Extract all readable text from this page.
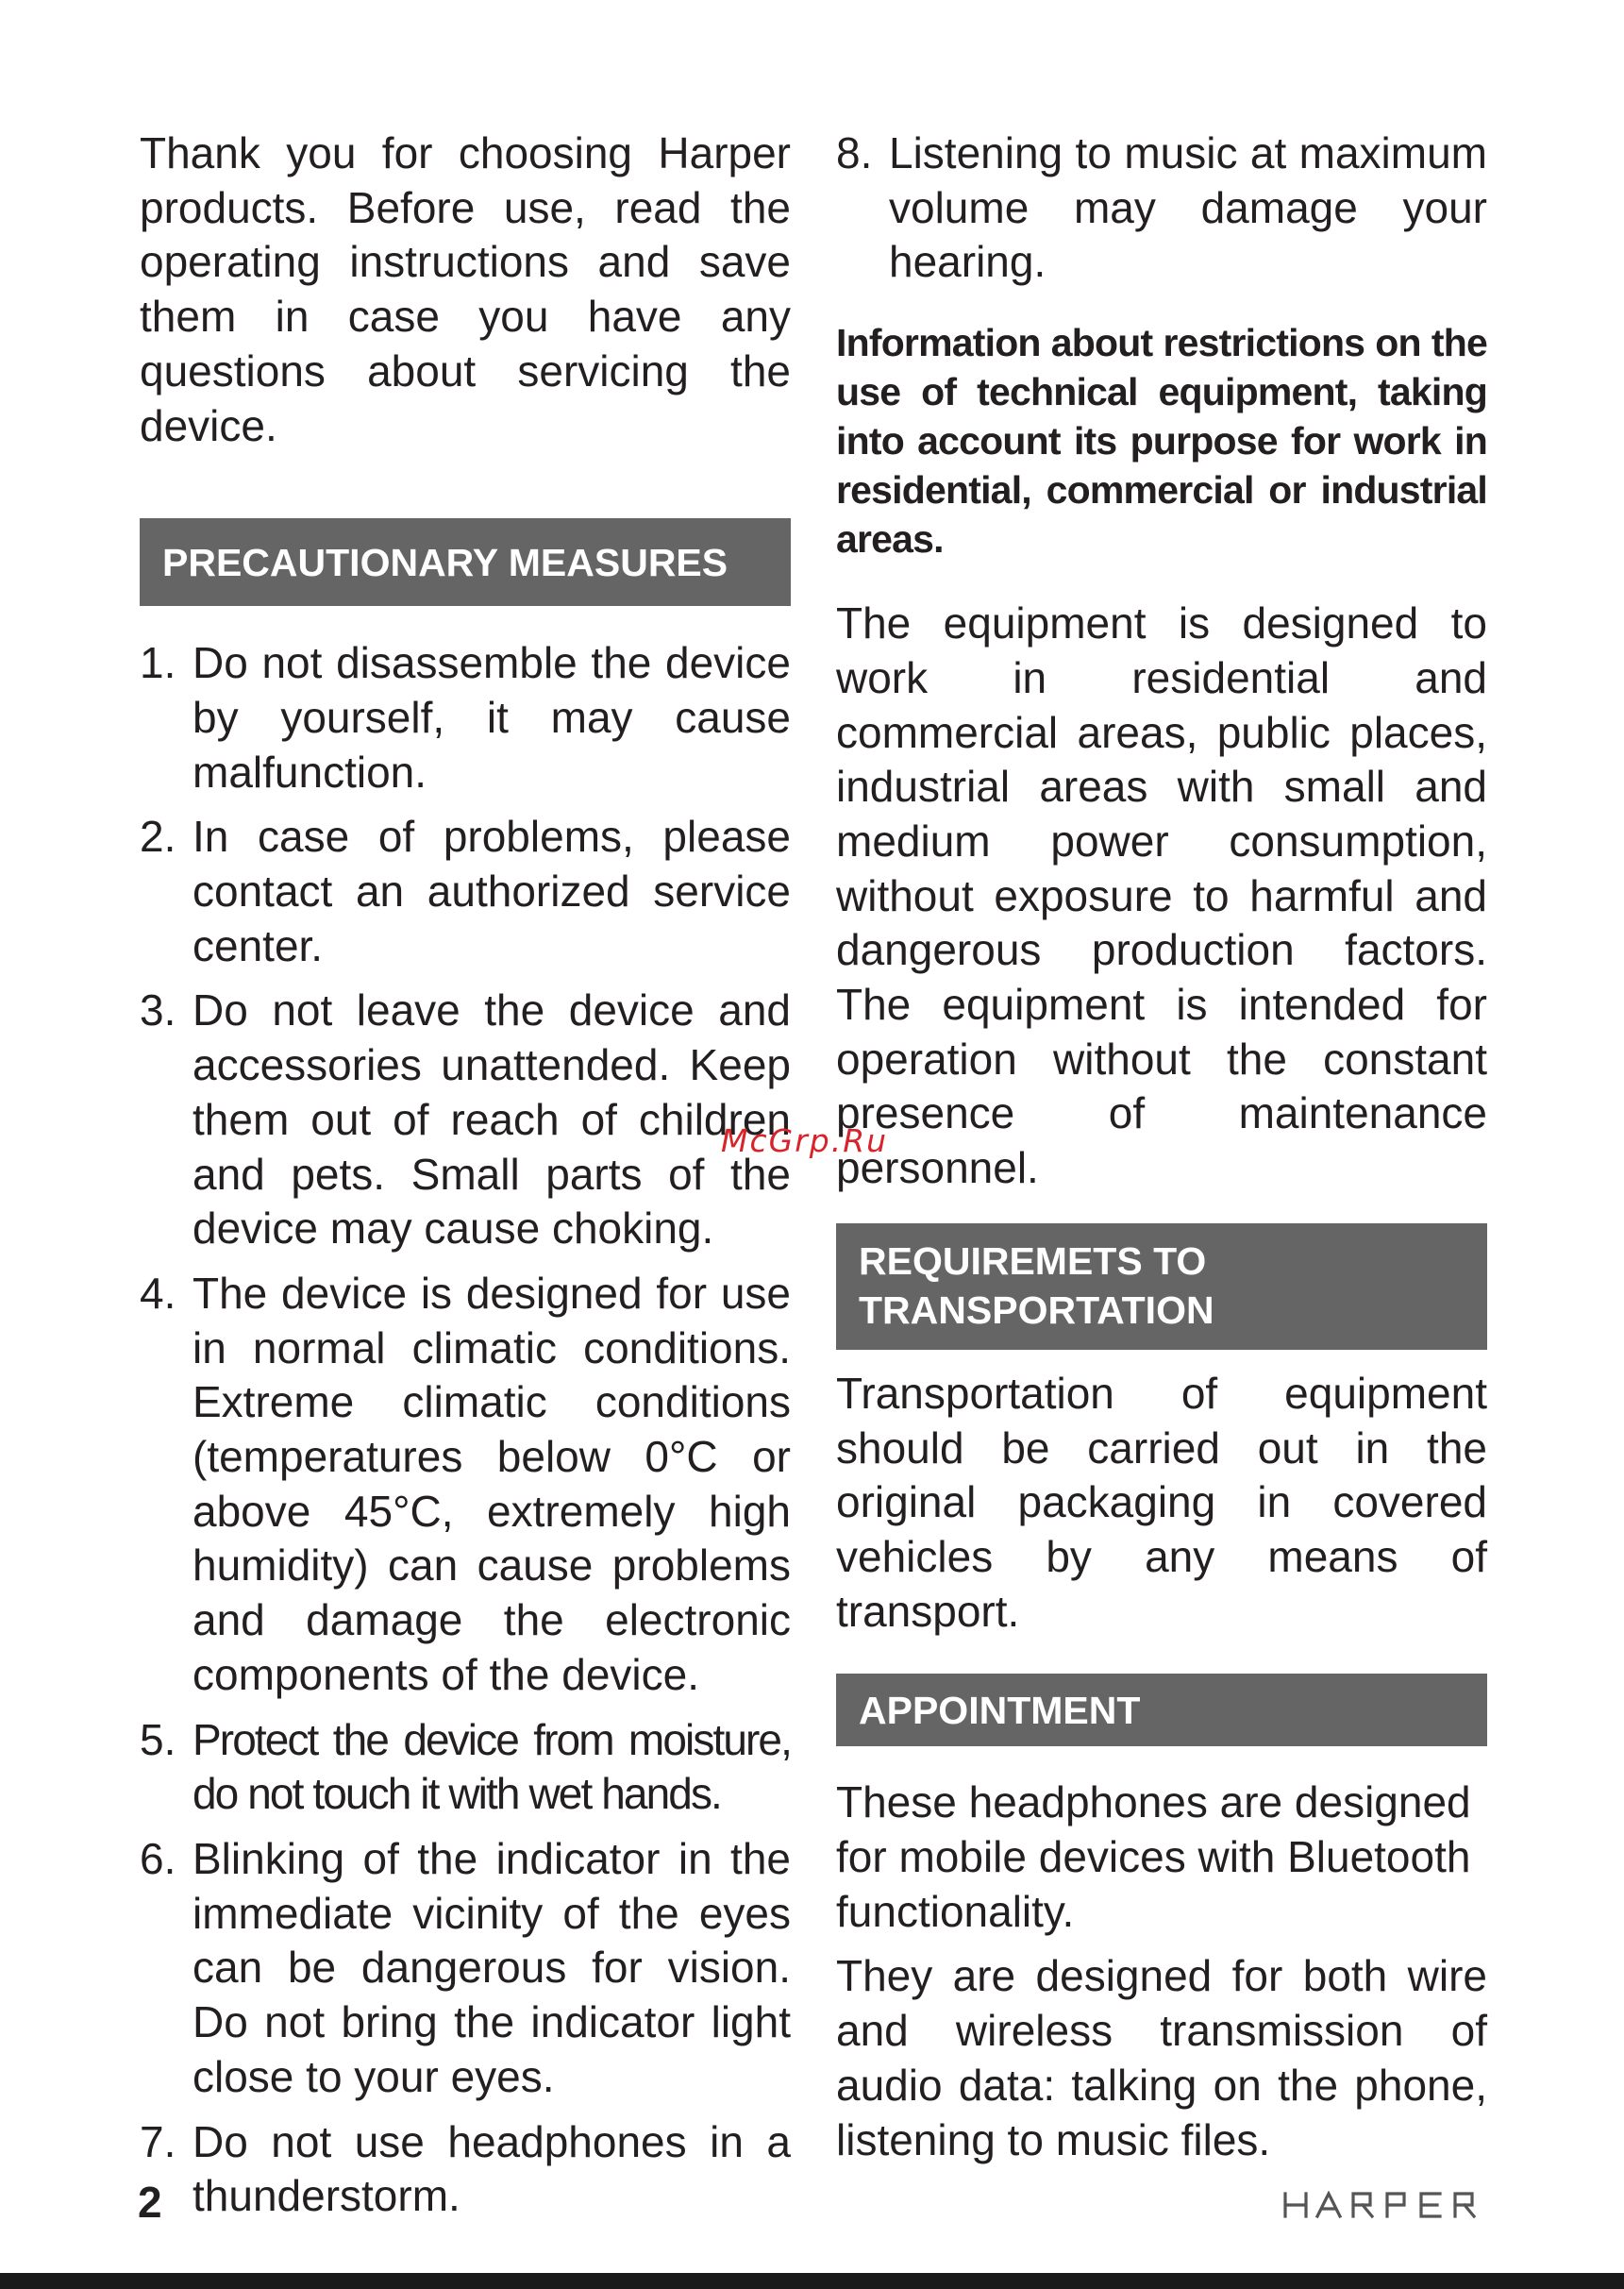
Thank you for choosing Harper products. Before use, read the operating instructions and save them in case you have any questions about servicing the device.

PRECAUTIONARY MEASURES
1. Do not disassemble the device by yourself, it may cause malfunction.
2. In case of problems, please contact an authorized service center.
3. Do not leave the device and accessories unattended. Keep them out of reach of children and pets. Small parts of the device may cause choking.
4. The device is designed for use in normal climatic conditions. Extreme climatic conditions (temperatures below 0°C or above 45°C, extremely high humidity) can cause problems and damage the electronic components of the device.
5. Protect the device from moisture, do not touch it with wet hands.
6. Blinking of the indicator in the immediate vicinity of the eyes can be dangerous for vision. Do not bring the indicator light close to your eyes.
7. Do not use headphones in a thunderstorm.
8. Listening to music at maximum volume may damage your hearing.

Information about restrictions on the use of technical equipment, taking into account its purpose for work in residential, commercial or industrial areas.

The equipment is designed to work in residential and commercial areas, public places, industrial areas with small and medium power consumption, without exposure to harmful and dangerous production factors. The equipment is intended for operation without the constant presence of maintenance personnel.

REQUIREMETS TO TRANSPORTATION

Transportation of equipment should be carried out in the original packaging in covered vehicles by any means of transport.

APPOINTMENT

These headphones are designed for mobile devices with Bluetooth functionality.

They are designed for both wire and wireless transmission of audio data: talking on the phone, listening to music files.

McGrp.Ru
2
